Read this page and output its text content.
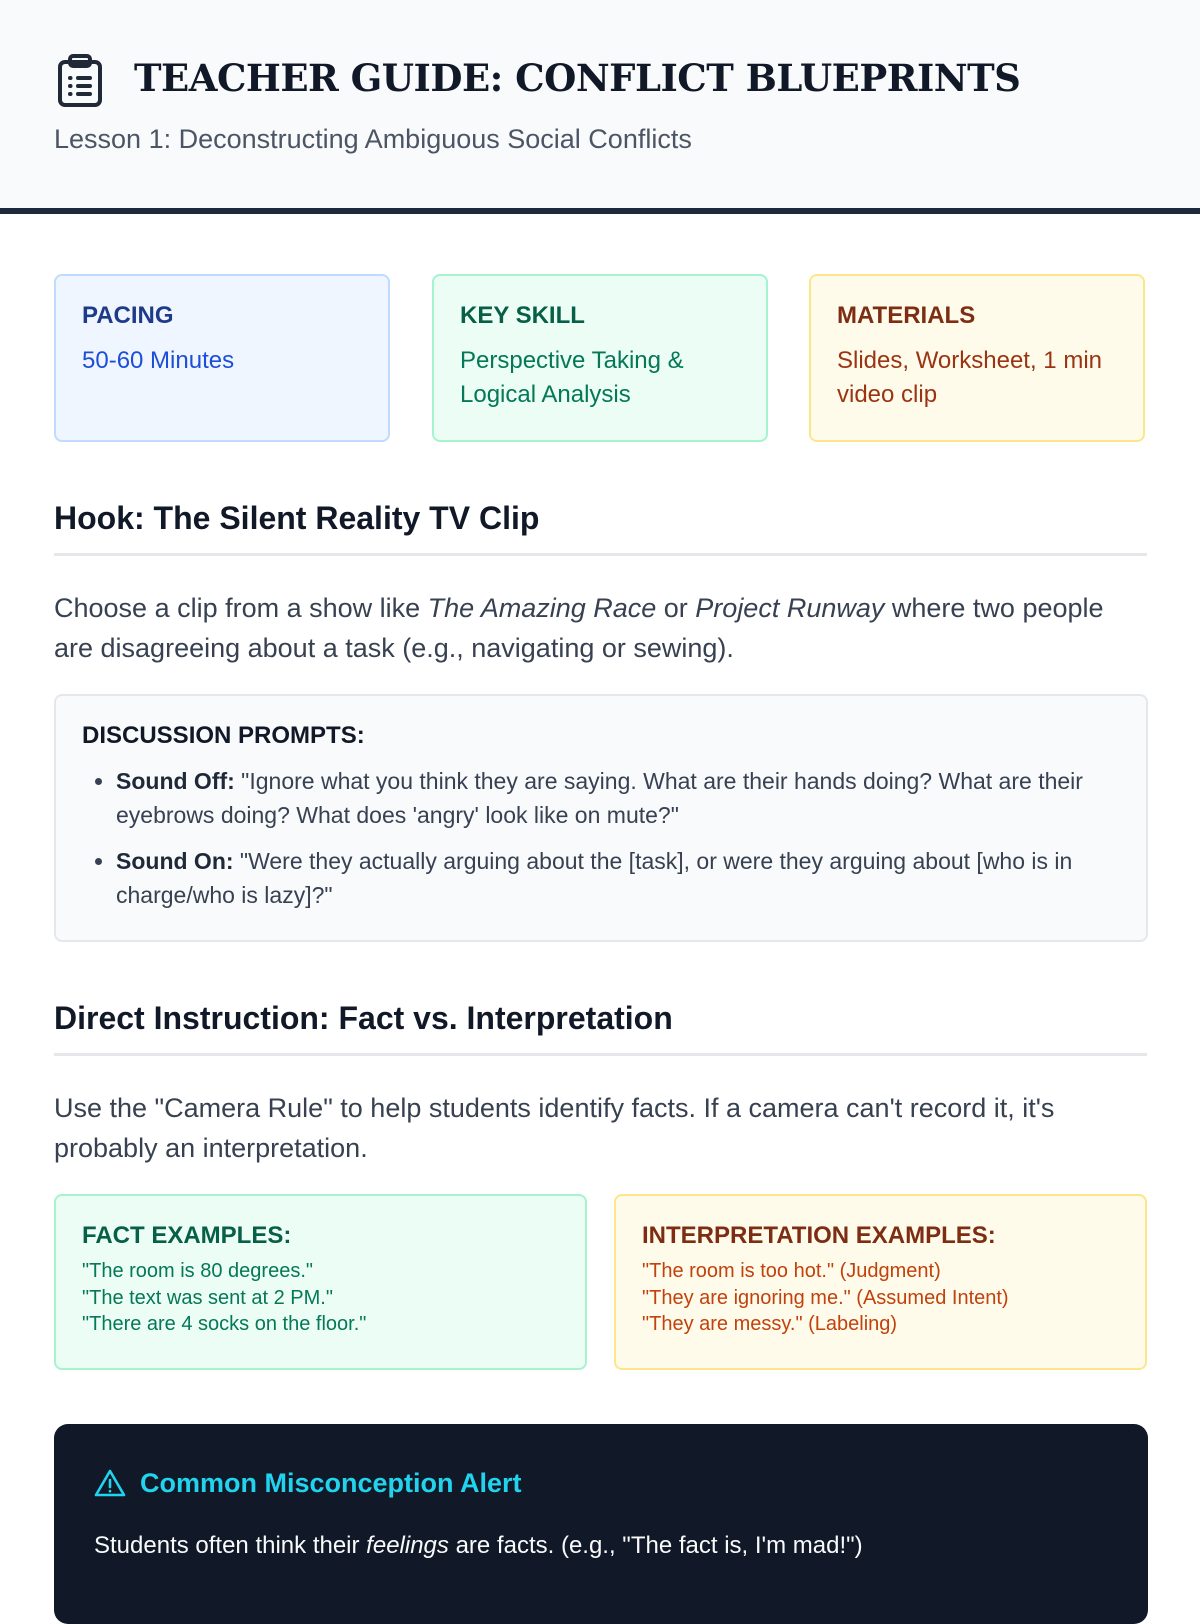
TEACHER GUIDE: CONFLICT BLUEPRINTS
Lesson 1: Deconstructing Ambiguous Social Conflicts
PACING
50-60 Minutes
KEY SKILL
Perspective Taking & Logical Analysis
MATERIALS
Slides, Worksheet, 1 min video clip
Hook: The Silent Reality TV Clip
Choose a clip from a show like The Amazing Race or Project Runway where two people are disagreeing about a task (e.g., navigating or sewing).
DISCUSSION PROMPTS:
• Sound Off: "Ignore what you think they are saying. What are their hands doing? What are their eyebrows doing? What does 'angry' look like on mute?"
• Sound On: "Were they actually arguing about the [task], or were they arguing about [who is in charge/who is lazy]?"
Direct Instruction: Fact vs. Interpretation
Use the "Camera Rule" to help students identify facts. If a camera can't record it, it's probably an interpretation.
FACT EXAMPLES:
"The room is 80 degrees."
"The text was sent at 2 PM."
"There are 4 socks on the floor."
INTERPRETATION EXAMPLES:
"The room is too hot." (Judgment)
"They are ignoring me." (Assumed Intent)
"They are messy." (Labeling)
Common Misconception Alert
Students often think their feelings are facts. (e.g., "The fact is, I'm mad!")
